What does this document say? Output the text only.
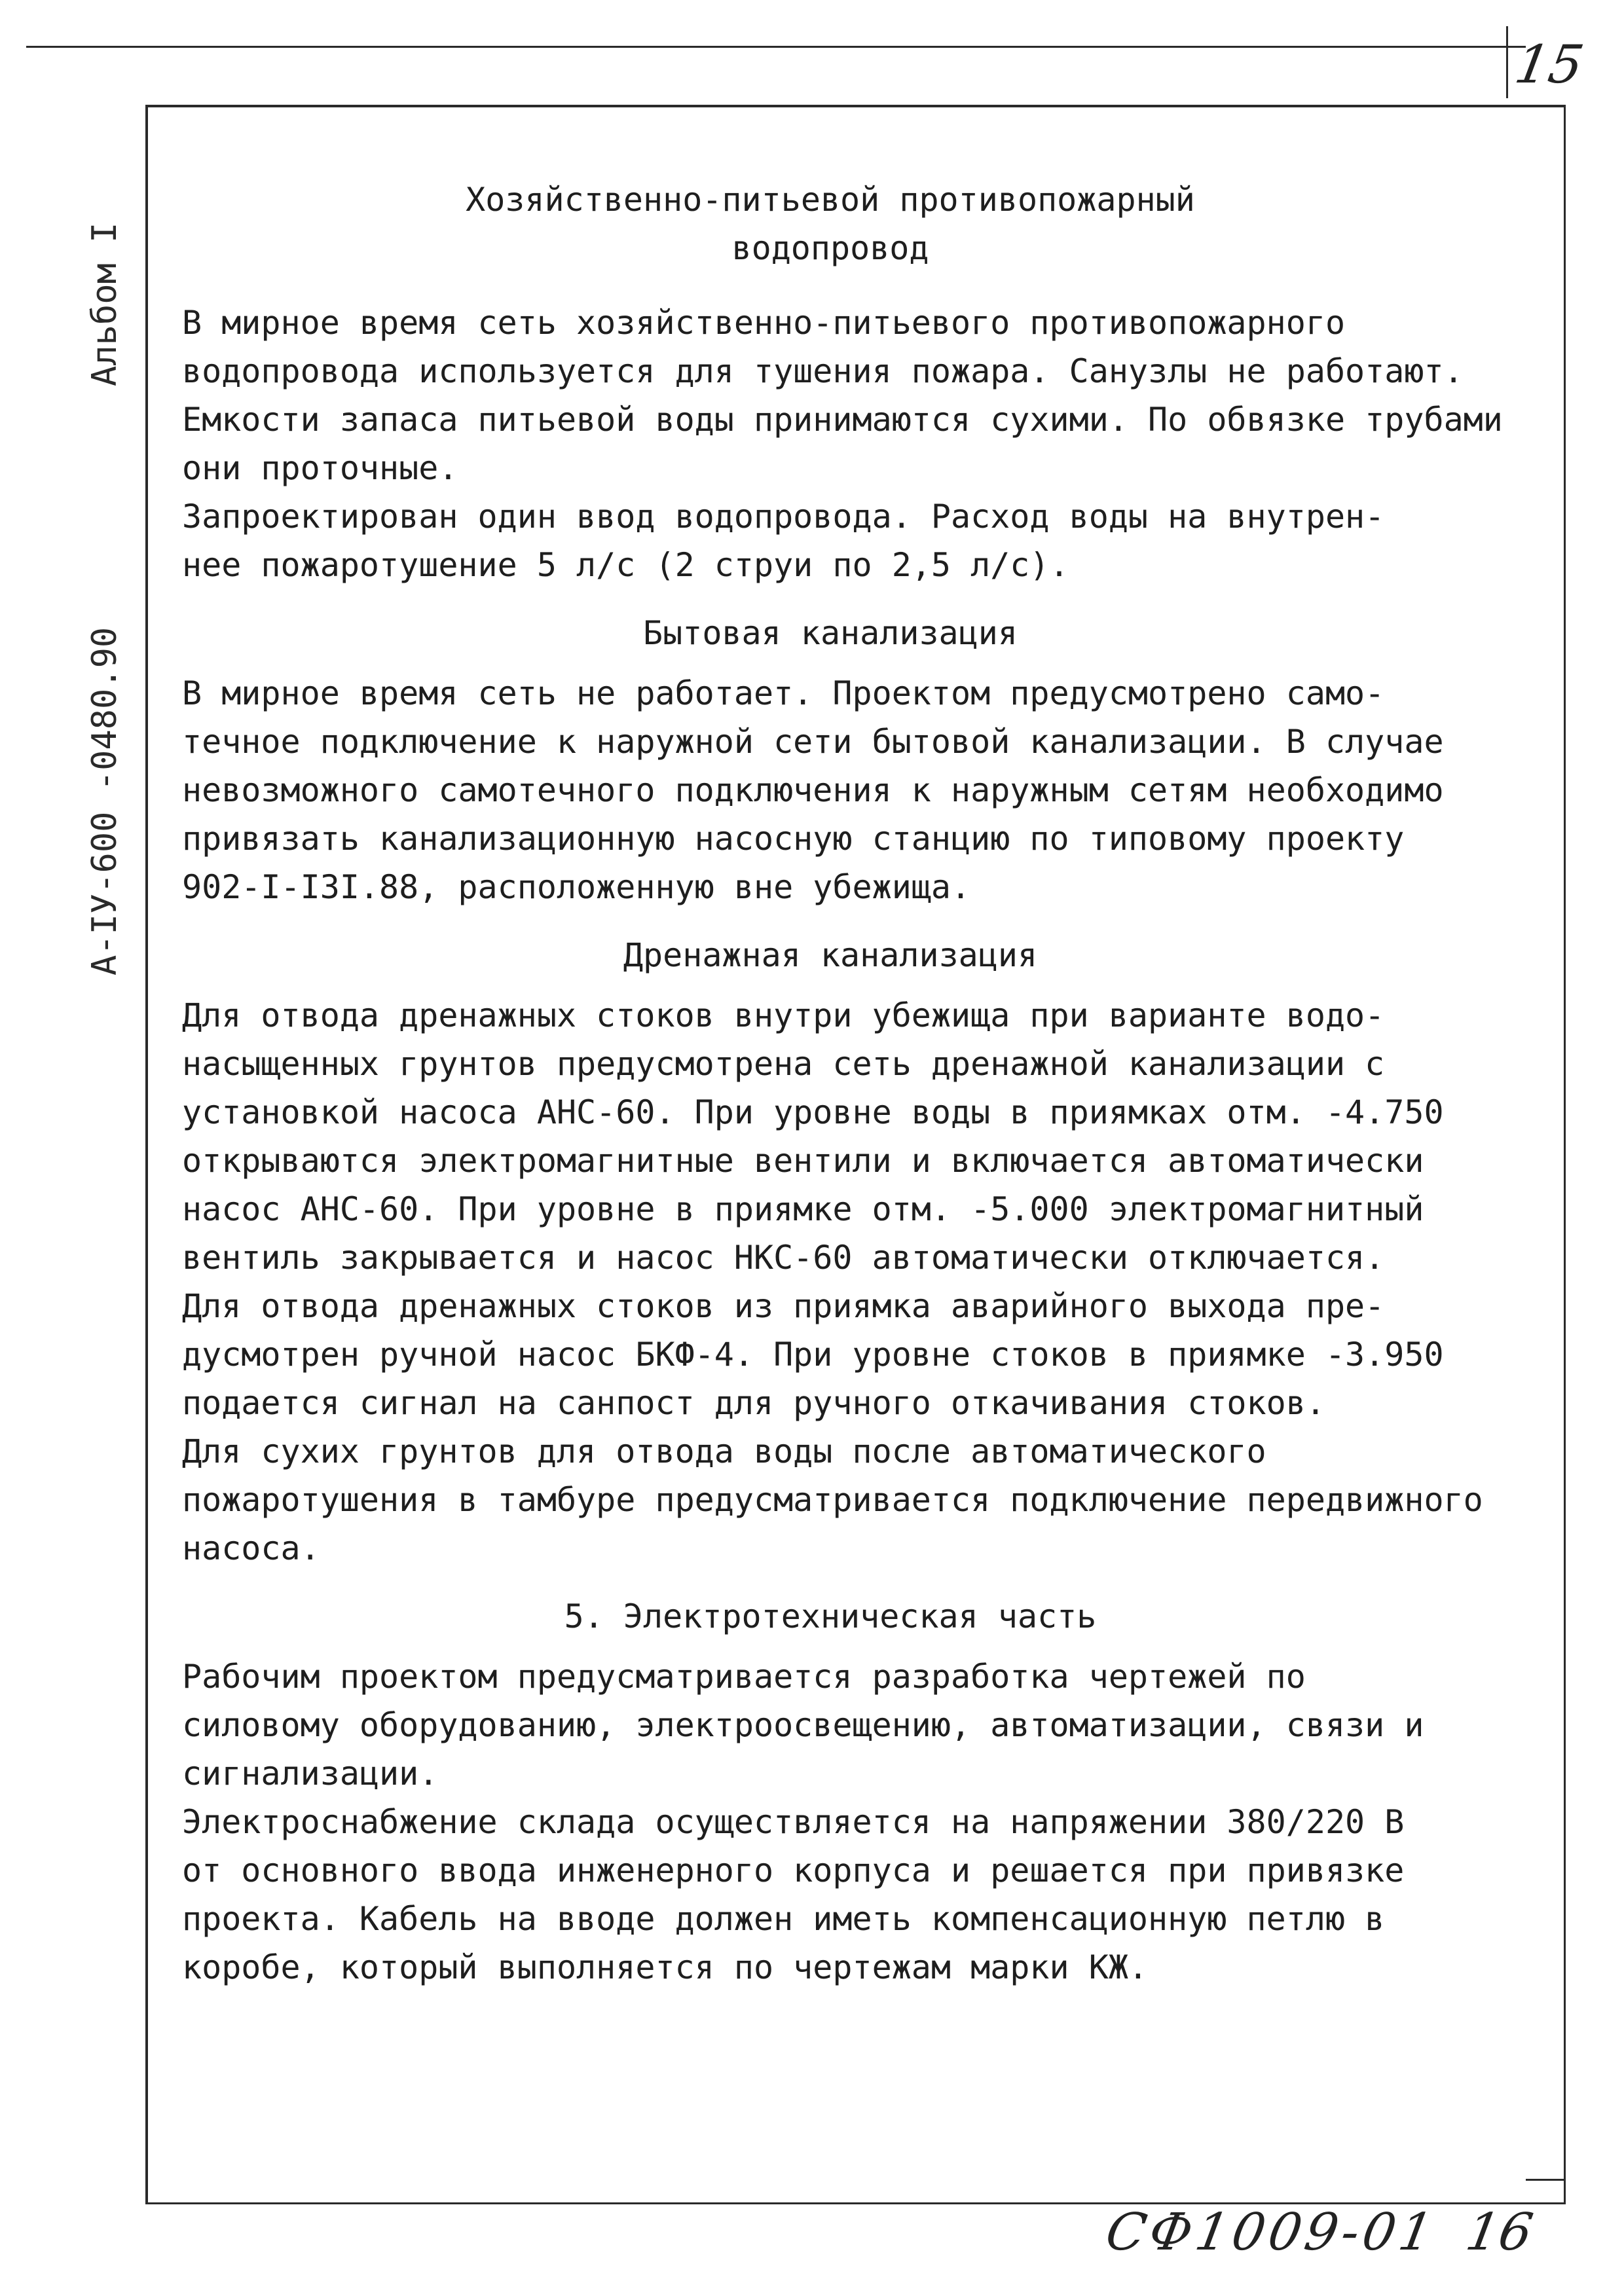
15
Альбом I
А-IУ-600 -0480.90

Хозяйственно-питьевой противопожарный
водопровод

В мирное время сеть хозяйственно-питьевого противопожарного
водопровода используется для тушения пожара. Санузлы не работают.
Емкости запаса питьевой воды принимаются сухими. По обвязке трубами
они проточные.

Запроектирован один ввод водопровода. Расход воды на внутрен-
нее пожаротушение 5 л/с (2 струи по 2,5 л/с).

Бытовая канализация

В мирное время сеть не работает. Проектом предусмотрено само-
течное подключение к наружной сети бытовой канализации. В случае
невозможного самотечного подключения к наружным сетям необходимо
привязать канализационную насосную станцию по типовому проекту
902-I-I3I.88, расположенную вне убежища.

Дренажная канализация

Для отвода дренажных стоков внутри убежища при варианте водо-
насыщенных грунтов предусмотрена сеть дренажной канализации с
установкой насоса АНС-60. При уровне воды в приямках отм. -4.750
открываются электромагнитные вентили и включается автоматически
насос АНС-60. При уровне в приямке отм. -5.000 электромагнитный
вентиль закрывается и насос НКС-60 автоматически отключается.

Для отвода дренажных стоков из приямка аварийного выхода пре-
дусмотрен ручной насос БКФ-4. При уровне стоков в приямке -3.950
подается сигнал на санпост для ручного откачивания стоков.

Для сухих грунтов для отвода воды после автоматического
пожаротушения в тамбуре предусматривается подключение передвижного
насоса.

5. Электротехническая часть

Рабочим проектом предусматривается разработка чертежей по
силовому оборудованию, электроосвещению, автоматизации, связи и
сигнализации.

Электроснабжение склада осуществляется на напряжении 380/220 В
от основного ввода инженерного корпуса и решается при привязке
проекта. Кабель на вводе должен иметь компенсационную петлю в
коробе, который выполняется по чертежам марки КЖ.

СФ1009-01 16
